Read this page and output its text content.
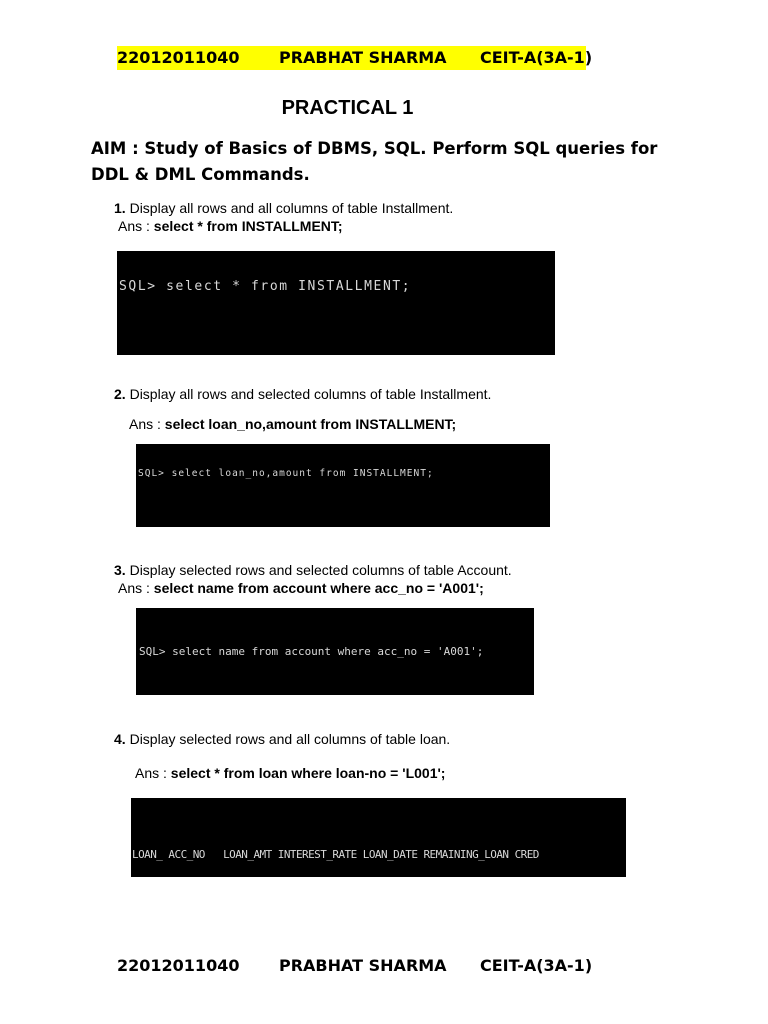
22012011040 PRABHAT SHARMA CEIT-A(3A-1)
PRACTICAL 1
AIM : Study of Basics of DBMS, SQL. Perform SQL queries for DDL & DML Commands.
1. Display all rows and all columns of table Installment.
Ans : select * from INSTALLMENT;

SQL> select * from INSTALLMENT;

2. Display all rows and selected columns of table Installment.
Ans : select loan_no,amount from INSTALLMENT;

SQL> select loan_no,amount from INSTALLMENT;

3. Display selected rows and selected columns of table Account.
Ans : select name from account where acc_no = 'A001';

SQL> select name from account where acc_no = 'A001';

4. Display selected rows and all columns of table loan.
Ans : select * from loan where loan-no = 'L001';

LOAN_ ACC_NO   LOAN_AMT INTEREST_RATE LOAN_DATE REMAINING_LOAN CRED

22012011040 PRABHAT SHARMA CEIT-A(3A-1)
